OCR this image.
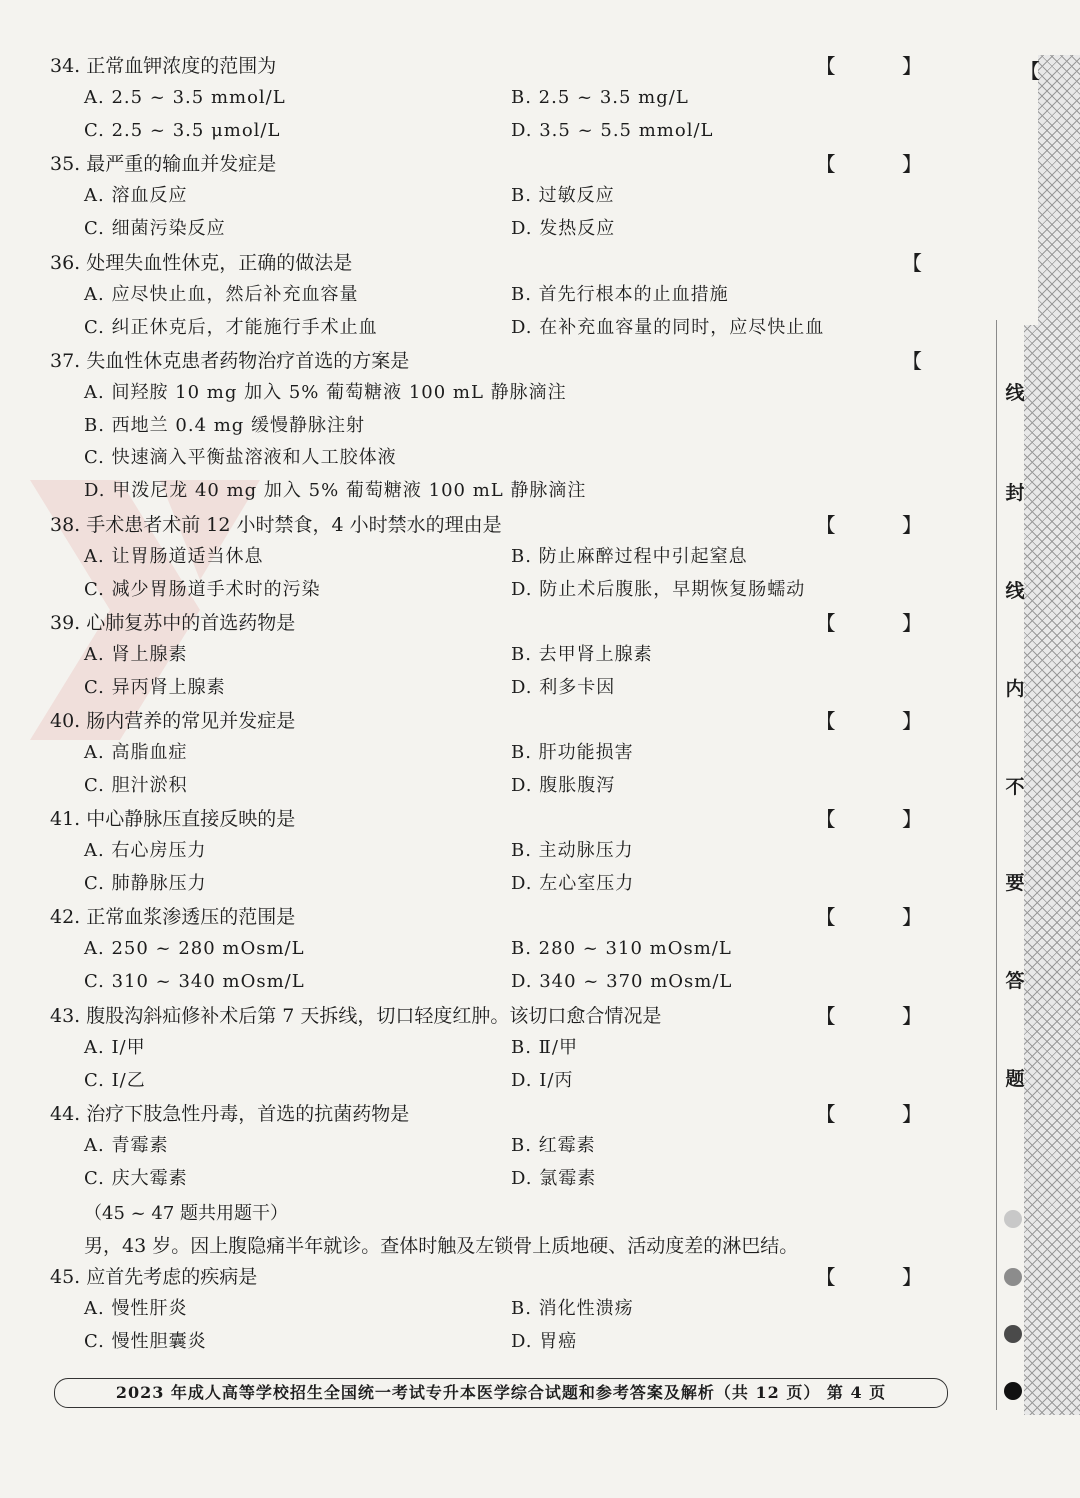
34. 正常血钾浓度的范围为	【 】
A. 2.5 ~ 3.5 mmol/L	B. 2.5 ~ 3.5 mg/L
C. 2.5 ~ 3.5 μmol/L	D. 3.5 ~ 5.5 mmol/L
35. 最严重的输血并发症是	【 】
A. 溶血反应	B. 过敏反应
C. 细菌污染反应	D. 发热反应
36. 处理失血性休克，正确的做法是	【
A. 应尽快止血，然后补充血容量	B. 首先行根本的止血措施
C. 纠正休克后，才能施行手术止血	D. 在补充血容量的同时，应尽快止血
37. 失血性休克患者药物治疗首选的方案是	【
A. 间羟胺 10 mg 加入 5% 葡萄糖液 100 mL 静脉滴注
B. 西地兰 0.4 mg 缓慢静脉注射
C. 快速滴入平衡盐溶液和人工胶体液
D. 甲泼尼龙 40 mg 加入 5% 葡萄糖液 100 mL 静脉滴注
38. 手术患者术前 12 小时禁食，4 小时禁水的理由是	【 】
A. 让胃肠道适当休息	B. 防止麻醉过程中引起窒息
C. 减少胃肠道手术时的污染	D. 防止术后腹胀，早期恢复肠蠕动
39. 心肺复苏中的首选药物是	【 】
A. 肾上腺素	B. 去甲肾上腺素
C. 异丙肾上腺素	D. 利多卡因
40. 肠内营养的常见并发症是	【 】
A. 高脂血症	B. 肝功能损害
C. 胆汁淤积	D. 腹胀腹泻
41. 中心静脉压直接反映的是	【 】
A. 右心房压力	B. 主动脉压力
C. 肺静脉压力	D. 左心室压力
42. 正常血浆渗透压的范围是	【 】
A. 250 ~ 280 mOsm/L	B. 280 ~ 310 mOsm/L
C. 310 ~ 340 mOsm/L	D. 340 ~ 370 mOsm/L
43. 腹股沟斜疝修补术后第 7 天拆线，切口轻度红肿。该切口愈合情况是	【 】
A. Ⅰ/甲	B. Ⅱ/甲
C. Ⅰ/乙	D. Ⅰ/丙
44. 治疗下肢急性丹毒，首选的抗菌药物是	【 】
A. 青霉素	B. 红霉素
C. 庆大霉素	D. 氯霉素
（45 ~ 47 题共用题干）
男，43 岁。因上腹隐痛半年就诊。查体时触及左锁骨上质地硬、活动度差的淋巴结。
45. 应首先考虑的疾病是	【 】
A. 慢性肝炎	B. 消化性溃疡
C. 慢性胆囊炎	D. 胃癌
2023 年成人高等学校招生全国统一考试专升本医学综合试题和参考答案及解析（共 12 页） 第 4 页
【
线
封
线
内
不
要
答
题
